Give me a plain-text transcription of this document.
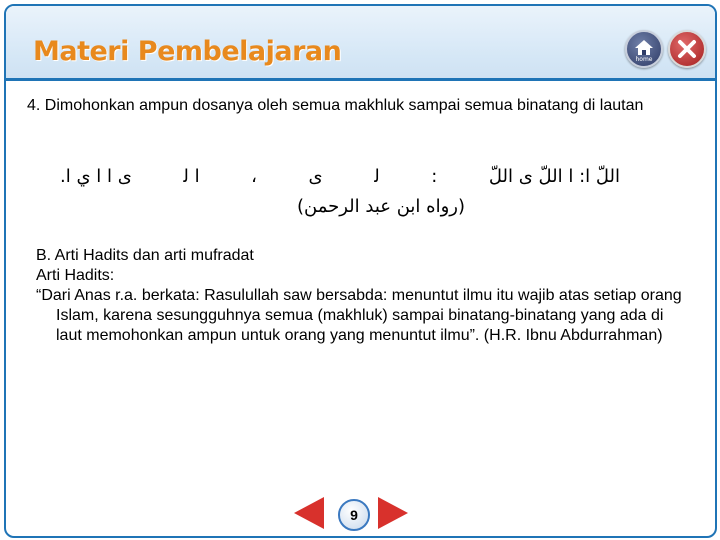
Materi Pembelajaran	home

4. Dimohonkan ampun dosanya oleh semua makhluk sampai semua binatang di lautan

اللّ ا: ا اللّ ى اللّ
:
ﻟ
ى
،
ا ﻟ
ى ا ا ي ا.
(رواه ابن عبد الرحمن)

B. Arti Hadits dan arti mufradat

Arti Hadits:

“Dari Anas r.a. berkata: Rasulullah saw bersabda: menuntut ilmu itu wajib atas setiap orang Islam, karena sesungguhnya semua (makhluk) sampai binatang-binatang yang ada di laut memohonkan ampun untuk orang yang menuntut ilmu”. (H.R. Ibnu Abdurrahman)

9
